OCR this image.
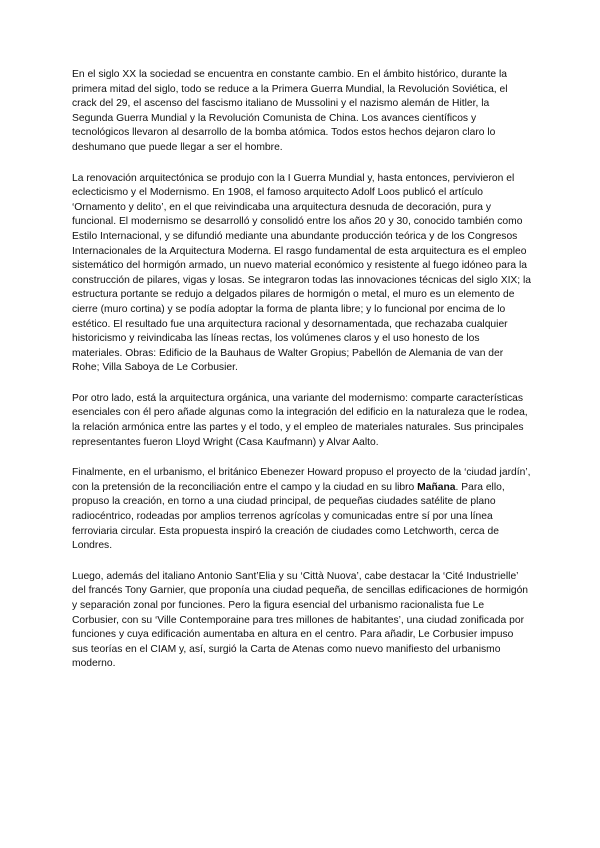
En el siglo XX la sociedad se encuentra en constante cambio. En el ámbito histórico, durante la primera mitad del siglo, todo se reduce a la Primera Guerra Mundial, la Revolución Soviética, el crack del 29, el ascenso del fascismo italiano de Mussolini y el nazismo alemán de Hitler, la Segunda Guerra Mundial y la Revolución Comunista de China. Los avances científicos y tecnológicos llevaron al desarrollo de la bomba atómica. Todos estos hechos dejaron claro lo deshumano que puede llegar a ser el hombre.

La renovación arquitectónica se produjo con la I Guerra Mundial y, hasta entonces, pervivieron el eclecticismo y el Modernismo. En 1908, el famoso arquitecto Adolf Loos publicó el artículo ‘Ornamento y delito’, en el que reivindicaba una arquitectura desnuda de decoración, pura y funcional. El modernismo se desarrolló y consolidó entre los años 20 y 30, conocido también como Estilo Internacional, y se difundió mediante una abundante producción teórica y de los Congresos Internacionales de la Arquitectura Moderna. El rasgo fundamental de esta arquitectura es el empleo sistemático del hormigón armado, un nuevo material económico y resistente al fuego idóneo para la construcción de pilares, vigas y losas. Se integraron todas las innovaciones técnicas del siglo XIX; la estructura portante se redujo a delgados pilares de hormigón o metal, el muro es un elemento de cierre (muro cortina) y se podía adoptar la forma de planta libre; y lo funcional por encima de lo estético. El resultado fue una arquitectura racional y desornamentada, que rechazaba cualquier historicismo y reivindicaba las líneas rectas, los volúmenes claros y el uso honesto de los materiales. Obras: Edificio de la Bauhaus de Walter Gropius; Pabellón de Alemania de van der Rohe; Villa Saboya de Le Corbusier.

Por otro lado, está la arquitectura orgánica, una variante del modernismo: comparte características esenciales con él pero añade algunas como la integración del edificio en la naturaleza que le rodea, la relación armónica entre las partes y el todo, y el empleo de materiales naturales. Sus principales representantes fueron Lloyd Wright (Casa Kaufmann) y Alvar Aalto.

Finalmente, en el urbanismo, el británico Ebenezer Howard propuso el proyecto de la ‘ciudad jardín’, con la pretensión de la reconciliación entre el campo y la ciudad en su libro Mañana. Para ello, propuso la creación, en torno a una ciudad principal, de pequeñas ciudades satélite de plano radiocéntrico, rodeadas por amplios terrenos agrícolas y comunicadas entre sí por una línea ferroviaria circular. Esta propuesta inspiró la creación de ciudades como Letchworth, cerca de Londres.

Luego, además del italiano Antonio Sant’Elia y su ‘Città Nuova’, cabe destacar la ‘Cité Industrielle’ del francés Tony Garnier, que proponía una ciudad pequeña, de sencillas edificaciones de hormigón y separación zonal por funciones. Pero la figura esencial del urbanismo racionalista fue Le Corbusier, con su ‘Ville Contemporaine para tres millones de habitantes’, una ciudad zonificada por funciones y cuya edificación aumentaba en altura en el centro. Para añadir, Le Corbusier impuso sus teorías en el CIAM y, así, surgió la Carta de Atenas como nuevo manifiesto del urbanismo moderno.
